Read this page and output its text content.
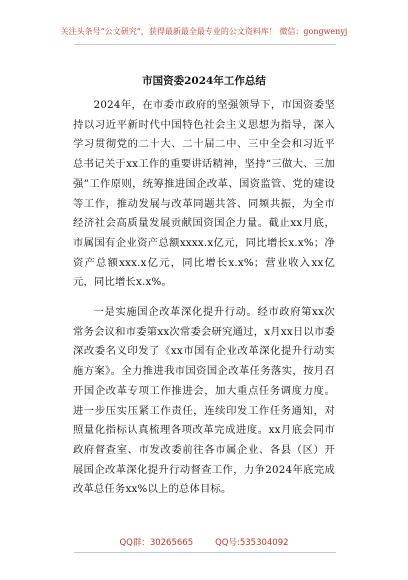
关注头条号“公文研究”，获得最新最全最专业的公文资料库！ 微信：gongwenyj
市国资委2024年工作总结

2024年，在市委市政府的坚强领导下，市国资委坚持以习近平新时代中国特色社会主义思想为指导，深入学习贯彻党的二十大、二十届二中、三中全会和习近平总书记关于xx工作的重要讲话精神，坚持“三做大、三加强”工作原则，统筹推进国企改革、国资监管、党的建设等工作，推动发展与改革同题共答、同频共振，为全市经济社会高质量发展贡献国资国企力量。截止xx月底，市属国有企业资产总额xxxx.x亿元，同比增长x.x%；净资产总额xxx.x亿元，同比增长x.x%；营业收入xx亿元，同比增长x.x%。

一是实施国企改革深化提升行动。经市政府第xx次常务会议和市委第xx次常委会研究通过，x月xx日以市委深改委名义印发了《xx市国有企业改革深化提升行动实施方案》。全力推进我市国资国企改革任务落实，按月召开国企改革专项工作推进会，加大重点任务调度力度。进一步压实压紧工作责任，连续印发工作任务通知，对照量化指标认真梳理各项改革完成进度。xx月底会同市政府督查室、市发改委前往各市属企业、各县（区）开展国企改革深化提升行动督查工作，力争2024年底完成改革总任务xx%以上的总体目标。

QQ群：30265665	QQ号:535304092
